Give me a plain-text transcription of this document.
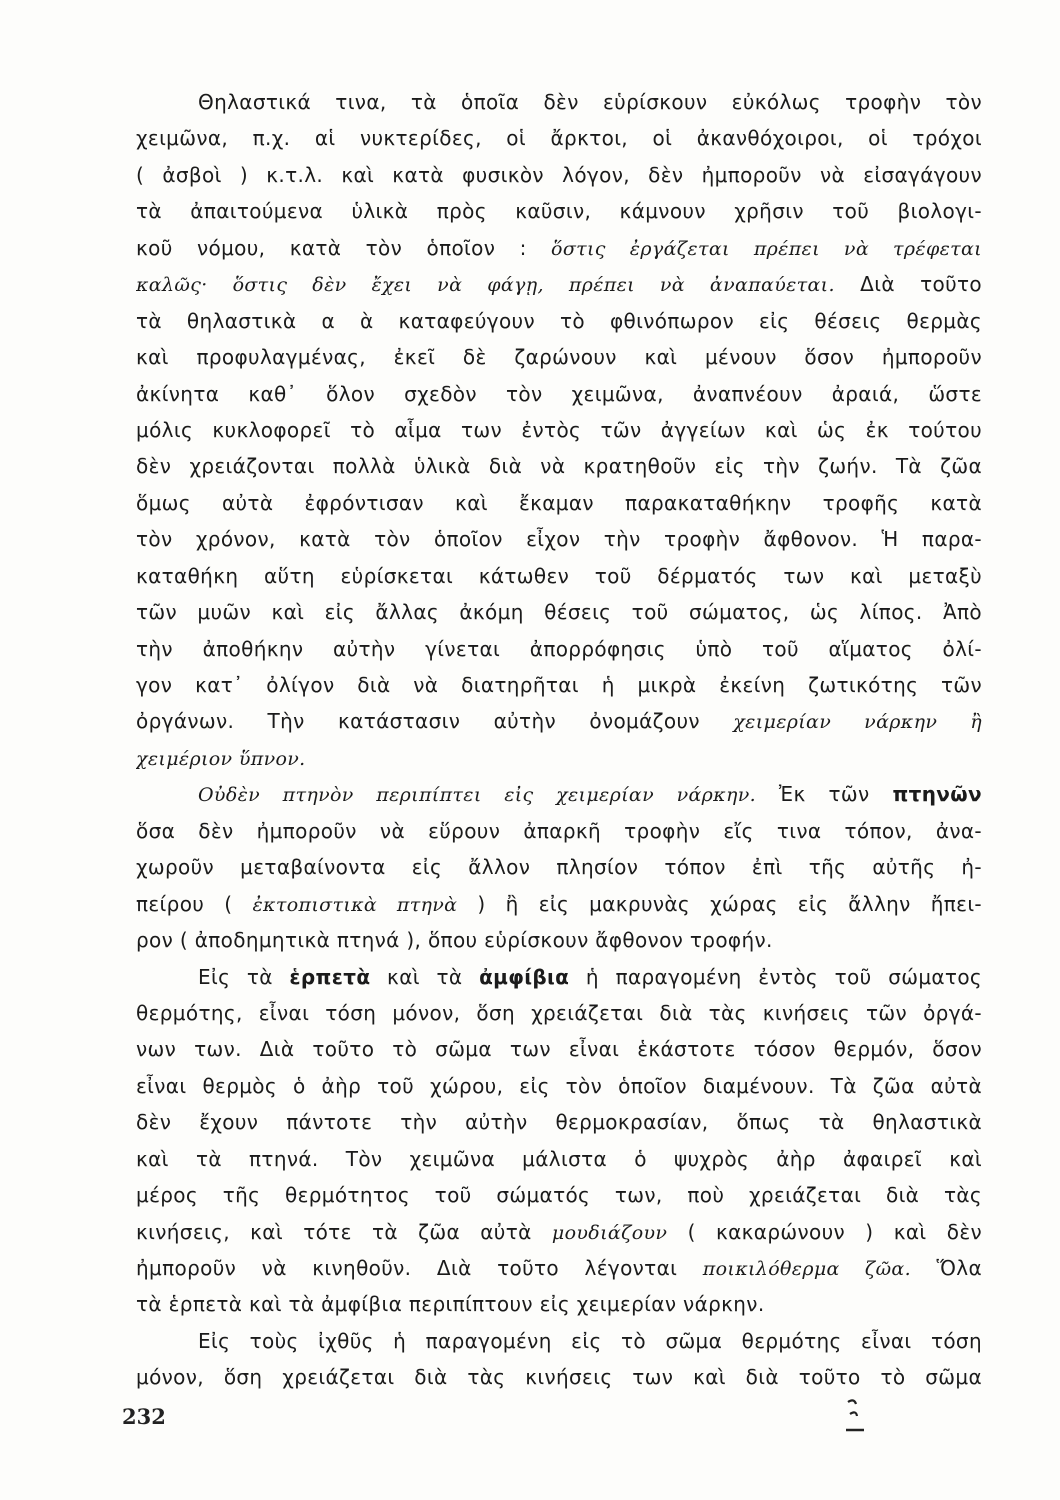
Θηλαστικά τινα, τὰ ὁποῖα δὲν εὑρίσκουν εὐκόλως τροφὴν τὸν
χειμῶνα, π.χ. αἱ νυκτερίδες, οἱ ἄρκτοι, οἱ ἀκανθόχοιροι, οἱ τρόχοι
( ἀσβοὶ ) κ.τ.λ. καὶ κατὰ φυσικὸν λόγον, δὲν ἠμποροῦν νὰ εἰσαγάγουν
τὰ ἀπαιτούμενα ὑλικὰ πρὸς καῦσιν, κάμνουν χρῆσιν τοῦ βιολογι-
κοῦ νόμου, κατὰ τὸν ὁποῖον : ὅστις ἐργάζεται πρέπει νὰ τρέφεται
καλῶς· ὅστις δὲν ἔχει νὰ φάγῃ, πρέπει νὰ ἀναπαύεται. Διὰ τοῦτο
τὰ θηλαστικὰ α ὰ καταφεύγουν τὸ φθινόπωρον εἰς θέσεις θερμὰς
καὶ προφυλαγμένας, ἐκεῖ δὲ ζαρώνουν καὶ μένουν ὅσον ἠμποροῦν
ἀκίνητα καθ᾿ ὅλον σχεδὸν τὸν χειμῶνα, ἀναπνέουν ἀραιά, ὥστε
μόλις κυκλοφορεῖ τὸ αἷμα των ἐντὸς τῶν ἀγγείων καὶ ὡς ἐκ τούτου
δὲν χρειάζονται πολλὰ ὑλικὰ διὰ νὰ κρατηθοῦν εἰς τὴν ζωήν. Τὰ ζῶα
ὅμως αὐτὰ ἐφρόντισαν καὶ ἔκαμαν παρακαταθήκην τροφῆς κατὰ
τὸν χρόνον, κατὰ τὸν ὁποῖον εἶχον τὴν τροφὴν ἄφθονον. Ἡ παρα-
καταθήκη αὕτη εὑρίσκεται κάτωθεν τοῦ δέρματός των καὶ μεταξὺ
τῶν μυῶν καὶ εἰς ἄλλας ἀκόμη θέσεις τοῦ σώματος, ὡς λίπος. Ἀπὸ
τὴν ἀποθήκην αὐτὴν γίνεται ἀπορρόφησις ὑπὸ τοῦ αἵματος ὀλί-
γον κατ᾿ ὀλίγον διὰ νὰ διατηρῆται ἡ μικρὰ ἐκείνη ζωτικότης τῶν
ὀργάνων. Τὴν κατάστασιν αὐτὴν ὀνομάζουν χειμερίαν νάρκην ἢ
χειμέριον ὕπνον.
Οὐδὲν πτηνὸν περιπίπτει εἰς χειμερίαν νάρκην. Ἐκ τῶν πτηνῶν
ὅσα δὲν ἠμποροῦν νὰ εὕρουν ἀπαρκῆ τροφὴν εἴς τινα τόπον, ἀνα-
χωροῦν μεταβαίνοντα εἰς ἄλλον πλησίον τόπον ἐπὶ τῆς αὐτῆς ἠ-
πείρου ( ἐκτοπιστικὰ πτηνὰ ) ἢ εἰς μακρυνὰς χώρας εἰς ἄλλην ἤπει-
ρον ( ἀποδημητικὰ πτηνά ), ὅπου εὑρίσκουν ἄφθονον τροφήν.
Εἰς τὰ ἑρπετὰ καὶ τὰ ἀμφίβια ἡ παραγομένη ἐντὸς τοῦ σώματος
θερμότης, εἶναι τόση μόνον, ὅση χρειάζεται διὰ τὰς κινήσεις τῶν ὀργά-
νων των. Διὰ τοῦτο τὸ σῶμα των εἶναι ἑκάστοτε τόσον θερμόν, ὅσον
εἶναι θερμὸς ὁ ἀὴρ τοῦ χώρου, εἰς τὸν ὁποῖον διαμένουν. Τὰ ζῶα αὐτὰ
δὲν ἔχουν πάντοτε τὴν αὐτὴν θερμοκρασίαν, ὅπως τὰ θηλαστικὰ
καὶ τὰ πτηνά. Τὸν χειμῶνα μάλιστα ὁ ψυχρὸς ἀὴρ ἀφαιρεῖ καὶ
μέρος τῆς θερμότητος τοῦ σώματός των, ποὺ χρειάζεται διὰ τὰς
κινήσεις, καὶ τότε τὰ ζῶα αὐτὰ μουδιάζουν ( κακαρώνουν ) καὶ δὲν
ἠμποροῦν νὰ κινηθοῦν. Διὰ τοῦτο λέγονται ποικιλόθερμα ζῶα. Ὅλα
τὰ ἑρπετὰ καὶ τὰ ἀμφίβια περιπίπτουν εἰς χειμερίαν νάρκην.
Εἰς τοὺς ἰχθῦς ἡ παραγομένη εἰς τὸ σῶμα θερμότης εἶναι τόση
μόνον, ὅση χρειάζεται διὰ τὰς κινήσεις των καὶ διὰ τοῦτο τὸ σῶμα
232
